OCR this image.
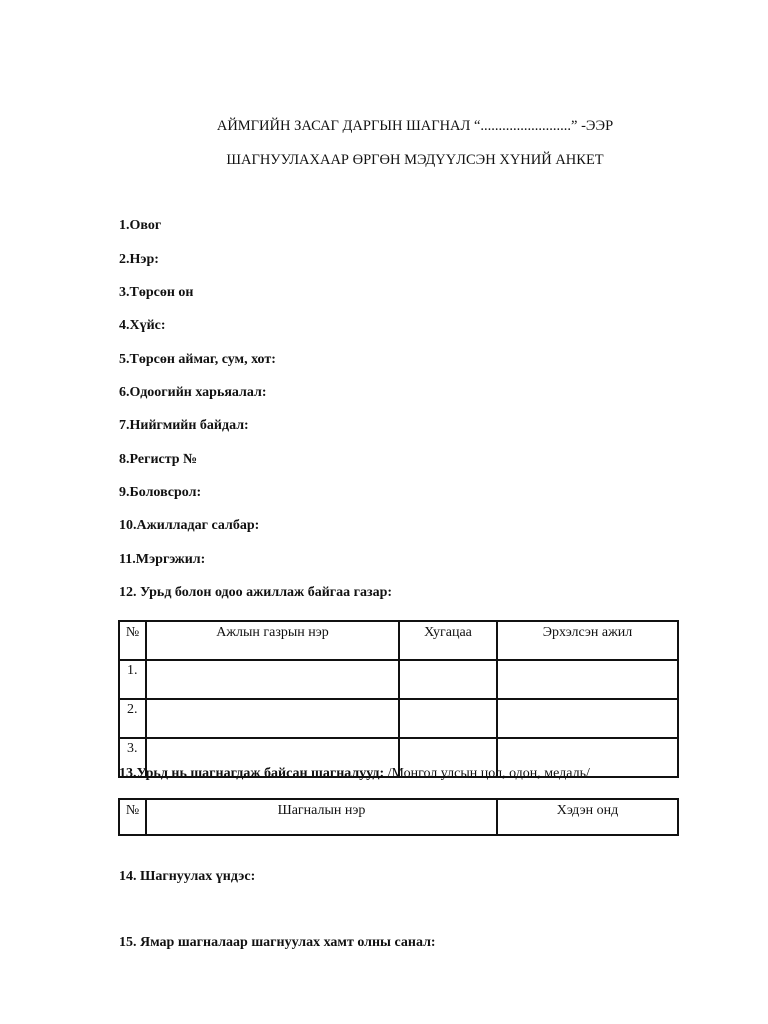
АЙМГИЙН ЗАСАГ ДАРГЫН ШАГНАЛ “.........................” -ЭЭР
ШАГНУУЛАХААР ӨРГӨН МЭДҮҮЛСЭН ХҮНИЙ АНКЕТ
1.Овог
2.Нэр:
3.Төрсөн он
4.Хүйс:
5.Төрсөн аймаг, сум, хот:
6.Одоогийн харьяалал:
7.Нийгмийн байдал:
8.Регистр №
9.Боловсрол:
10.Ажилладаг салбар:
11.Мэргэжил:
12. Урьд болон одоо ажиллаж байгаа газар:
№	Ажлын газрын нэр	Хугацаа	Эрхэлсэн ажил
1.			
2.			
3.			
13.Урьд нь шагнагдаж байсан шагналууд: /Монгол улсын цол, одон, медаль/
№	Шагналын нэр	Хэдэн онд
14. Шагнуулах үндэс:
15. Ямар шагналаар шагнуулах хамт олны санал:
